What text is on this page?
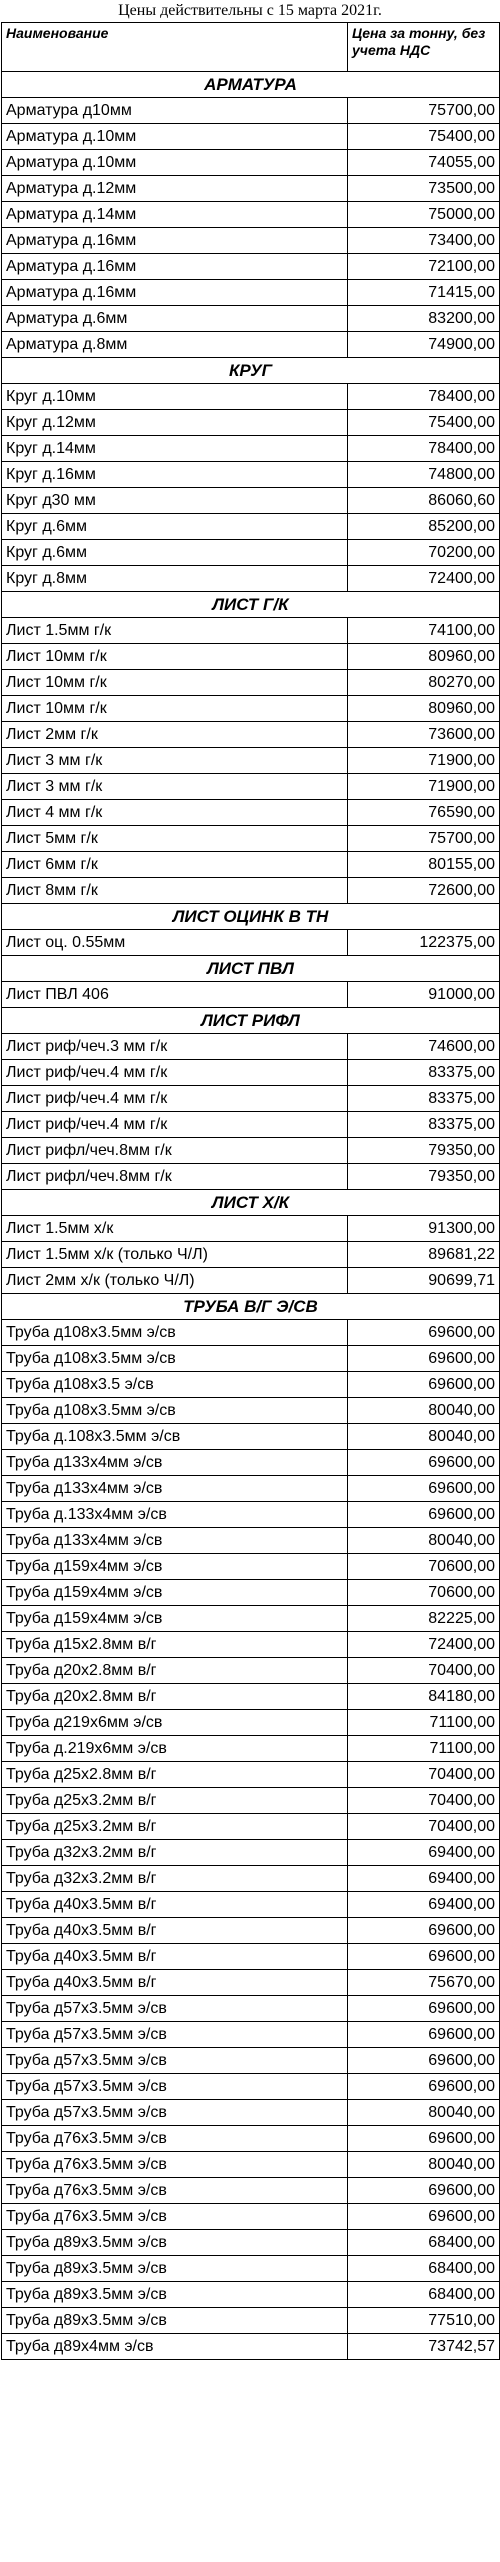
Цены действительны с 15 марта 2021г.
Наименование	Цена за тонну, без учета НДС
АРМАТУРА	
Арматура д10мм	75700,00
Арматура д.10мм	75400,00
Арматура д.10мм	74055,00
Арматура д.12мм	73500,00
Арматура д.14мм	75000,00
Арматура д.16мм	73400,00
Арматура д.16мм	72100,00
Арматура д.16мм	71415,00
Арматура д.6мм	83200,00
Арматура д.8мм	74900,00
КРУГ	
Круг д.10мм	78400,00
Круг д.12мм	75400,00
Круг д.14мм	78400,00
Круг д.16мм	74800,00
Круг д30 мм	86060,60
Круг д.6мм	85200,00
Круг д.6мм	70200,00
Круг д.8мм	72400,00
ЛИСТ Г/К	
Лист 1.5мм г/к	74100,00
Лист 10мм г/к	80960,00
Лист 10мм г/к	80270,00
Лист 10мм г/к	80960,00
Лист 2мм г/к	73600,00
Лист 3 мм г/к	71900,00
Лист 3 мм г/к	71900,00
Лист 4 мм г/к	76590,00
Лист 5мм г/к	75700,00
Лист 6мм г/к	80155,00
Лист 8мм г/к	72600,00
ЛИСТ ОЦИНК В ТН	
Лист оц. 0.55мм	122375,00
ЛИСТ ПВЛ	
Лист ПВЛ 406	91000,00
ЛИСТ РИФЛ	
Лист риф/чеч.3 мм г/к	74600,00
Лист риф/чеч.4 мм г/к	83375,00
Лист риф/чеч.4 мм г/к	83375,00
Лист риф/чеч.4 мм г/к	83375,00
Лист рифл/чеч.8мм г/к	79350,00
Лист рифл/чеч.8мм г/к	79350,00
ЛИСТ Х/К	
Лист 1.5мм х/к	91300,00
Лист 1.5мм х/к (только Ч/Л)	89681,22
Лист 2мм х/к (только Ч/Л)	90699,71
ТРУБА В/Г Э/СВ	
Труба д108х3.5мм э/св	69600,00
Труба д108х3.5мм э/св	69600,00
Труба д108х3.5 э/св	69600,00
Труба д108х3.5мм э/св	80040,00
Труба д.108х3.5мм э/св	80040,00
Труба д133х4мм э/св	69600,00
Труба д133х4мм э/св	69600,00
Труба д.133х4мм э/св	69600,00
Труба д133х4мм э/св	80040,00
Труба д159х4мм э/св	70600,00
Труба д159х4мм э/св	70600,00
Труба д159х4мм э/св	82225,00
Труба д15х2.8мм в/г	72400,00
Труба д20х2.8мм в/г	70400,00
Труба д20х2.8мм в/г	84180,00
Труба д219х6мм э/св	71100,00
Труба д.219х6мм э/св	71100,00
Труба д25х2.8мм в/г	70400,00
Труба д25х3.2мм в/г	70400,00
Труба д25х3.2мм в/г	70400,00
Труба д32х3.2мм в/г	69400,00
Труба д32х3.2мм в/г	69400,00
Труба д40х3.5мм в/г	69400,00
Труба д40х3.5мм в/г	69600,00
Труба д40х3.5мм в/г	69600,00
Труба д40х3.5мм в/г	75670,00
Труба д57х3.5мм э/св	69600,00
Труба д57х3.5мм э/св	69600,00
Труба д57х3.5мм э/св	69600,00
Труба д57х3.5мм э/св	69600,00
Труба д57х3.5мм э/св	80040,00
Труба д76х3.5мм э/св	69600,00
Труба д76х3.5мм э/св	80040,00
Труба д76х3.5мм э/св	69600,00
Труба д76х3.5мм э/св	69600,00
Труба д89х3.5мм э/св	68400,00
Труба д89х3.5мм э/св	68400,00
Труба д89х3.5мм э/св	68400,00
Труба д89х3.5мм э/св	77510,00
Труба д89х4мм э/св	73742,57
